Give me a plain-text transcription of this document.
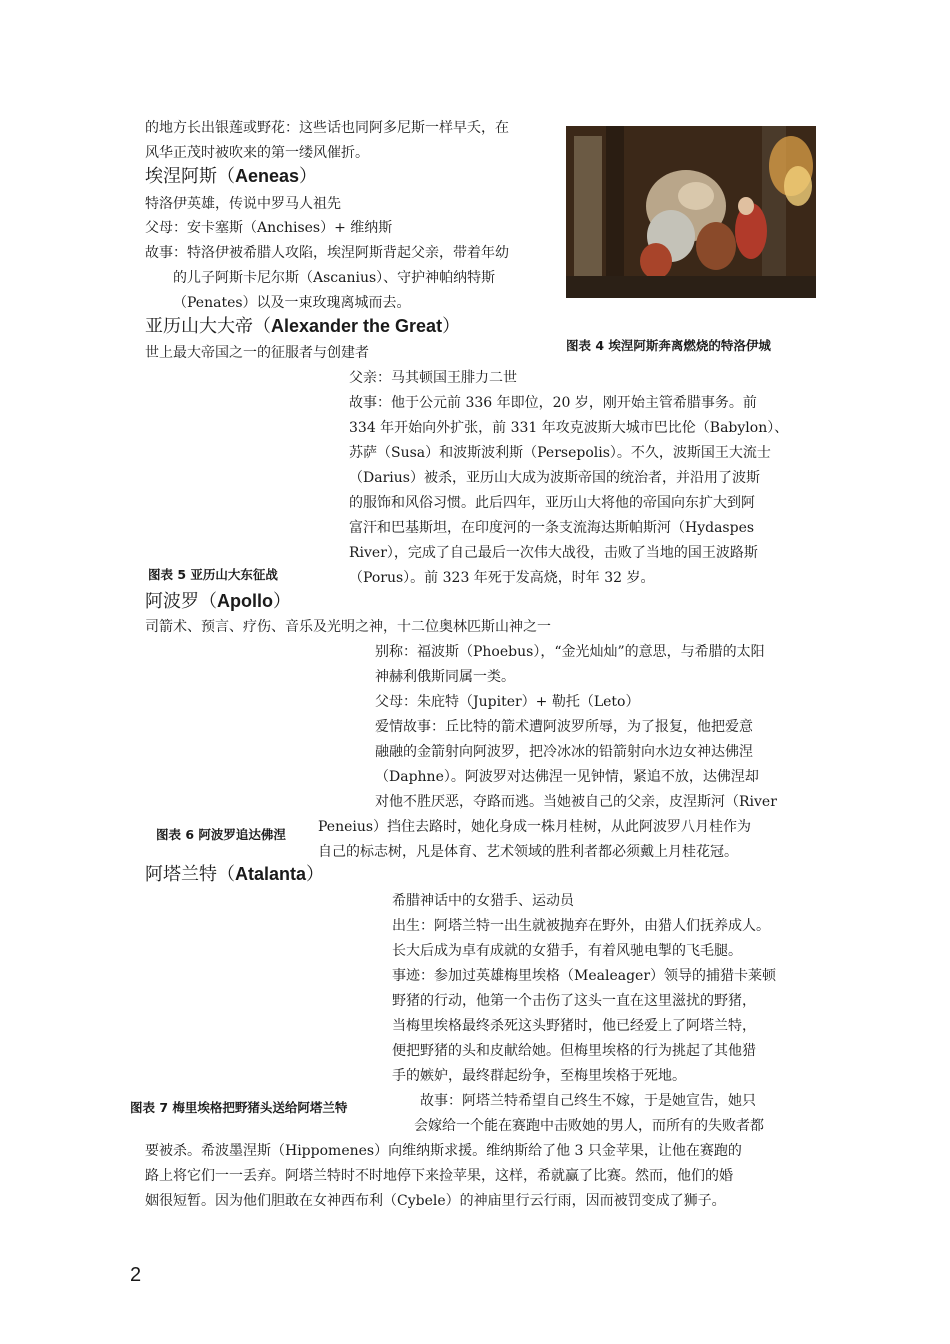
的地方长出银莲或野花：这些话也同阿多尼斯一样早夭，在
风华正茂时被吹来的第一缕风催折。
埃涅阿斯（Aeneas）
特洛伊英雄，传说中罗马人祖先
父母：安卡塞斯（Anchises）+ 维纳斯
故事：特洛伊被希腊人攻陷，埃涅阿斯背起父亲，带着年幼
的儿子阿斯卡尼尔斯（Ascanius）、守护神帕纳特斯
（Penates）以及一束玫瑰离城而去。
图表 4 埃涅阿斯奔离燃烧的特洛伊城
亚历山大大帝（Alexander the Great）
世上最大帝国之一的征服者与创建者
父亲：马其顿国王腓力二世
故事：他于公元前 336 年即位，20 岁，刚开始主管希腊事务。前
334 年开始向外扩张，前 331 年攻克波斯大城市巴比伦（Babylon）、
苏萨（Susa）和波斯波利斯（Persepolis）。不久，波斯国王大流士
（Darius）被杀，亚历山大成为波斯帝国的统治者，并沿用了波斯
的服饰和风俗习惯。此后四年，亚历山大将他的帝国向东扩大到阿
富汗和巴基斯坦，在印度河的一条支流海达斯帕斯河（Hydaspes
River），完成了自己最后一次伟大战役，击败了当地的国王波路斯
（Porus）。前 323 年死于发高烧，时年 32 岁。
图表 5 亚历山大东征战
阿波罗（Apollo）
司箭术、预言、疗伤、音乐及光明之神，十二位奥林匹斯山神之一
别称：福波斯（Phoebus），“金光灿灿”的意思，与希腊的太阳
神赫利俄斯同属一类。
父母：朱庇特（Jupiter）+ 勒托（Leto）
爱情故事：丘比特的箭术遭阿波罗所辱，为了报复，他把爱意
融融的金箭射向阿波罗，把冷冰冰的铅箭射向水边女神达佛涅
（Daphne）。阿波罗对达佛涅一见钟情，紧追不放，达佛涅却
对他不胜厌恶，夺路而逃。当她被自己的父亲，皮涅斯河（River
Peneius）挡住去路时，她化身成一株月桂树，从此阿波罗八月桂作为
自己的标志树，凡是体育、艺术领域的胜利者都必须戴上月桂花冠。
图表 6 阿波罗追达佛涅
阿塔兰特（Atalanta）
希腊神话中的女猎手、运动员
出生：阿塔兰特一出生就被抛弃在野外，由猎人们抚养成人。
长大后成为卓有成就的女猎手，有着风驰电掣的飞毛腿。
事迹：参加过英雄梅里埃格（Mealeager）领导的捕猎卡莱顿
野猪的行动，他第一个击伤了这头一直在这里滋扰的野猪，
当梅里埃格最终杀死这头野猪时，他已经爱上了阿塔兰特，
便把野猪的头和皮献给她。但梅里埃格的行为挑起了其他猎
手的嫉妒，最终群起纷争，至梅里埃格于死地。
故事：阿塔兰特希望自己终生不嫁，于是她宣告，她只
会嫁给一个能在赛跑中击败她的男人，而所有的失败者都
要被杀。希波墨涅斯（Hippomenes）向维纳斯求援。维纳斯给了他 3 只金苹果，让他在赛跑的
路上将它们一一丢弃。阿塔兰特时不时地停下来捡苹果，这样，希就赢了比赛。然而，他们的婚
姻很短暂。因为他们胆敢在女神西布利（Cybele）的神庙里行云行雨，因而被罚变成了狮子。
图表 7 梅里埃格把野猪头送给阿塔兰特
2
